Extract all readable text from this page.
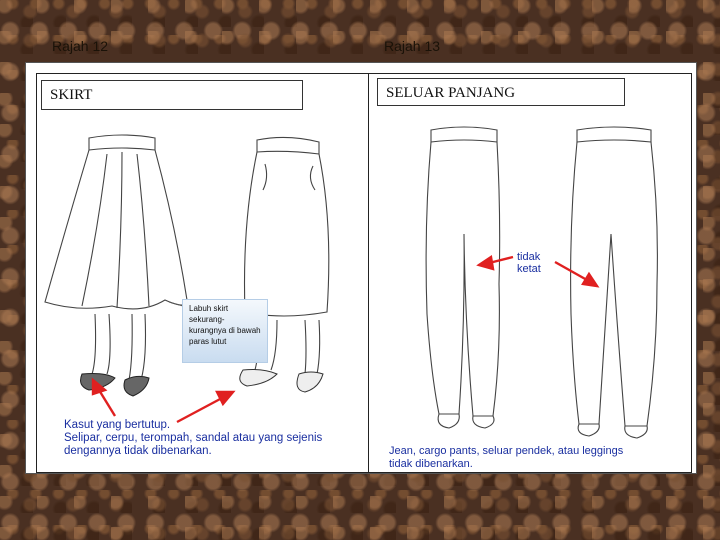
Rajah 12	Rajah 13
SKIRT
Labuh skirt sekurang-kurangnya di bawah paras lutut
Kasut yang bertutup.
Selipar, cerpu, terompah, sandal atau yang sejenis
dengannya tidak dibenarkan.
SELUAR PANJANG
tidak
ketat
Jean, cargo pants, seluar pendek, atau leggings
tidak dibenarkan.
